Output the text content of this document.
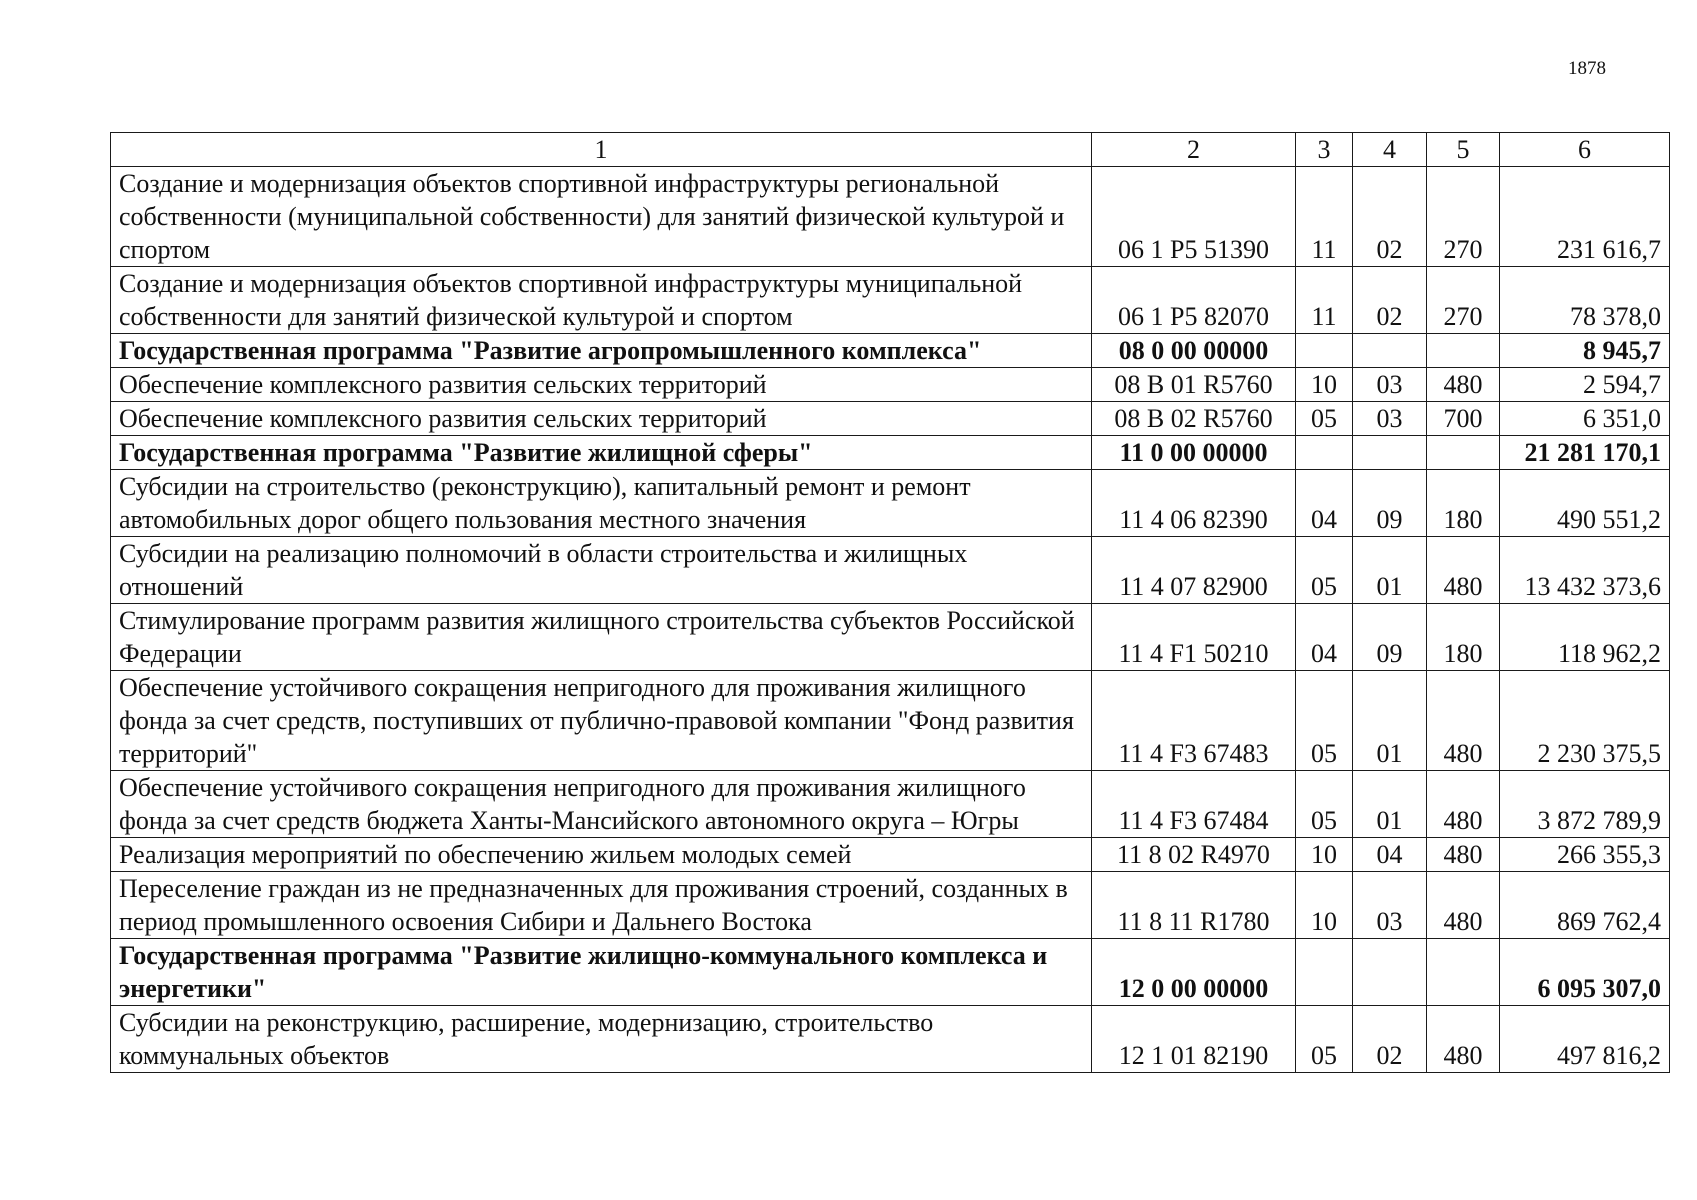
1878
1	2	3	4	5	6
Создание и модернизация объектов спортивной инфраструктуры региональной собственности (муниципальной собственности) для занятий физической культурой и спортом	06 1 P5 51390	11	02	270	231 616,7
Создание и модернизация объектов спортивной инфраструктуры муниципальной собственности для занятий физической культурой и спортом	06 1 P5 82070	11	02	270	78 378,0
Государственная программа "Развитие агропромышленного комплекса"	08 0 00 00000				8 945,7
Обеспечение комплексного развития сельских территорий	08 В 01 R5760	10	03	480	2 594,7
Обеспечение комплексного развития сельских территорий	08 В 02 R5760	05	03	700	6 351,0
Государственная программа "Развитие жилищной сферы"	11 0 00 00000				21 281 170,1
Субсидии на строительство (реконструкцию), капитальный ремонт и ремонт автомобильных дорог общего пользования местного значения	11 4 06 82390	04	09	180	490 551,2
Субсидии на реализацию полномочий в области строительства и жилищных отношений	11 4 07 82900	05	01	480	13 432 373,6
Стимулирование программ развития жилищного строительства субъектов Российской Федерации	11 4 F1 50210	04	09	180	118 962,2
Обеспечение устойчивого сокращения непригодного для проживания жилищного фонда за счет средств, поступивших от публично-правовой компании "Фонд развития территорий"	11 4 F3 67483	05	01	480	2 230 375,5
Обеспечение устойчивого сокращения непригодного для проживания жилищного фонда за счет средств бюджета Ханты-Мансийского автономного округа – Югры	11 4 F3 67484	05	01	480	3 872 789,9
Реализация мероприятий по обеспечению жильем молодых семей	11 8 02 R4970	10	04	480	266 355,3
Переселение граждан из не предназначенных для проживания строений, созданных в период промышленного освоения Сибири и Дальнего Востока	11 8 11 R1780	10	03	480	869 762,4
Государственная программа "Развитие жилищно-коммунального комплекса и энергетики"	12 0 00 00000				6 095 307,0
Субсидии на реконструкцию, расширение, модернизацию, строительство коммунальных объектов	12 1 01 82190	05	02	480	497 816,2
